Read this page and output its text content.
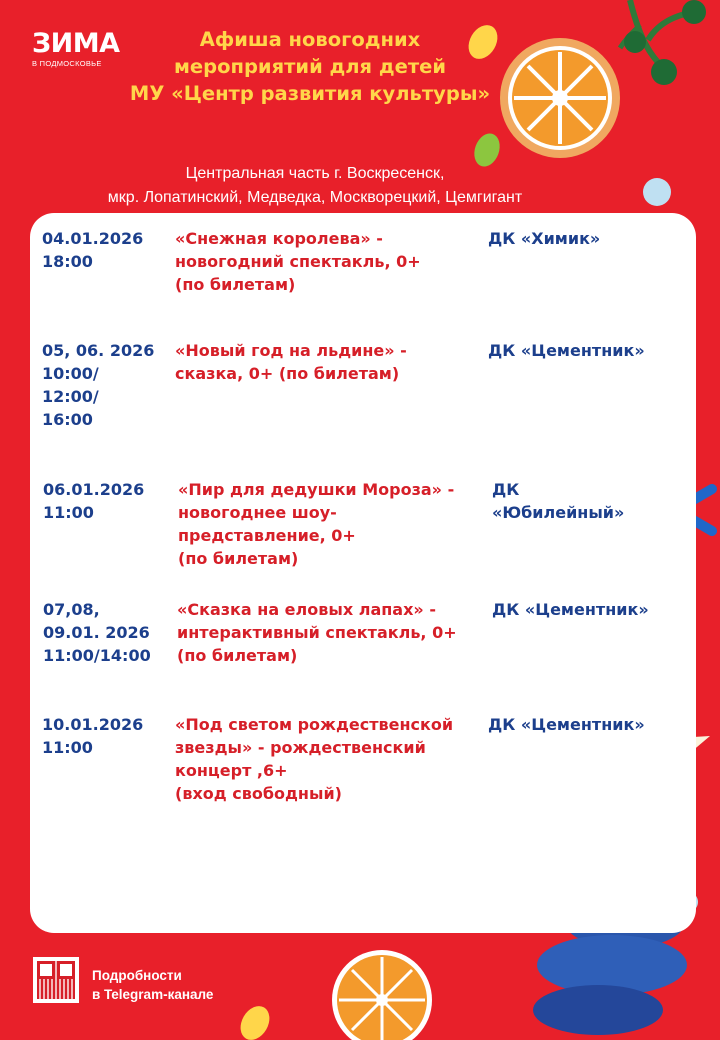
ЗИМА
В ПОДМОСКОВЬЕ
Афиша новогодних
мероприятий для детей
МУ «Центр развития культуры»
Центральная часть г. Воскресенск,
мкр. Лопатинский, Медведка, Москворецкий, Цемгигант
04.01.2026
18:00
«Снежная королева» -
новогодний спектакль, 0+
(по билетам)
ДК «Химик»
05, 06. 2026
10:00/
12:00/
16:00
«Новый год на льдине» -
сказка, 0+ (по билетам)
ДК «Цементник»
06.01.2026
11:00
«Пир для дедушки Мороза» -
новогоднее шоу-
представление, 0+
(по билетам)
ДК
«Юбилейный»
07,08,
09.01. 2026
11:00/14:00
«Сказка на еловых лапах» -
интерактивный спектакль, 0+
(по билетам)
ДК «Цементник»
10.01.2026
11:00
«Под светом рождественской
звезды» - рождественский
концерт ,6+
(вход свободный)
ДК «Цементник»
Подробности
в Telegram-канале
